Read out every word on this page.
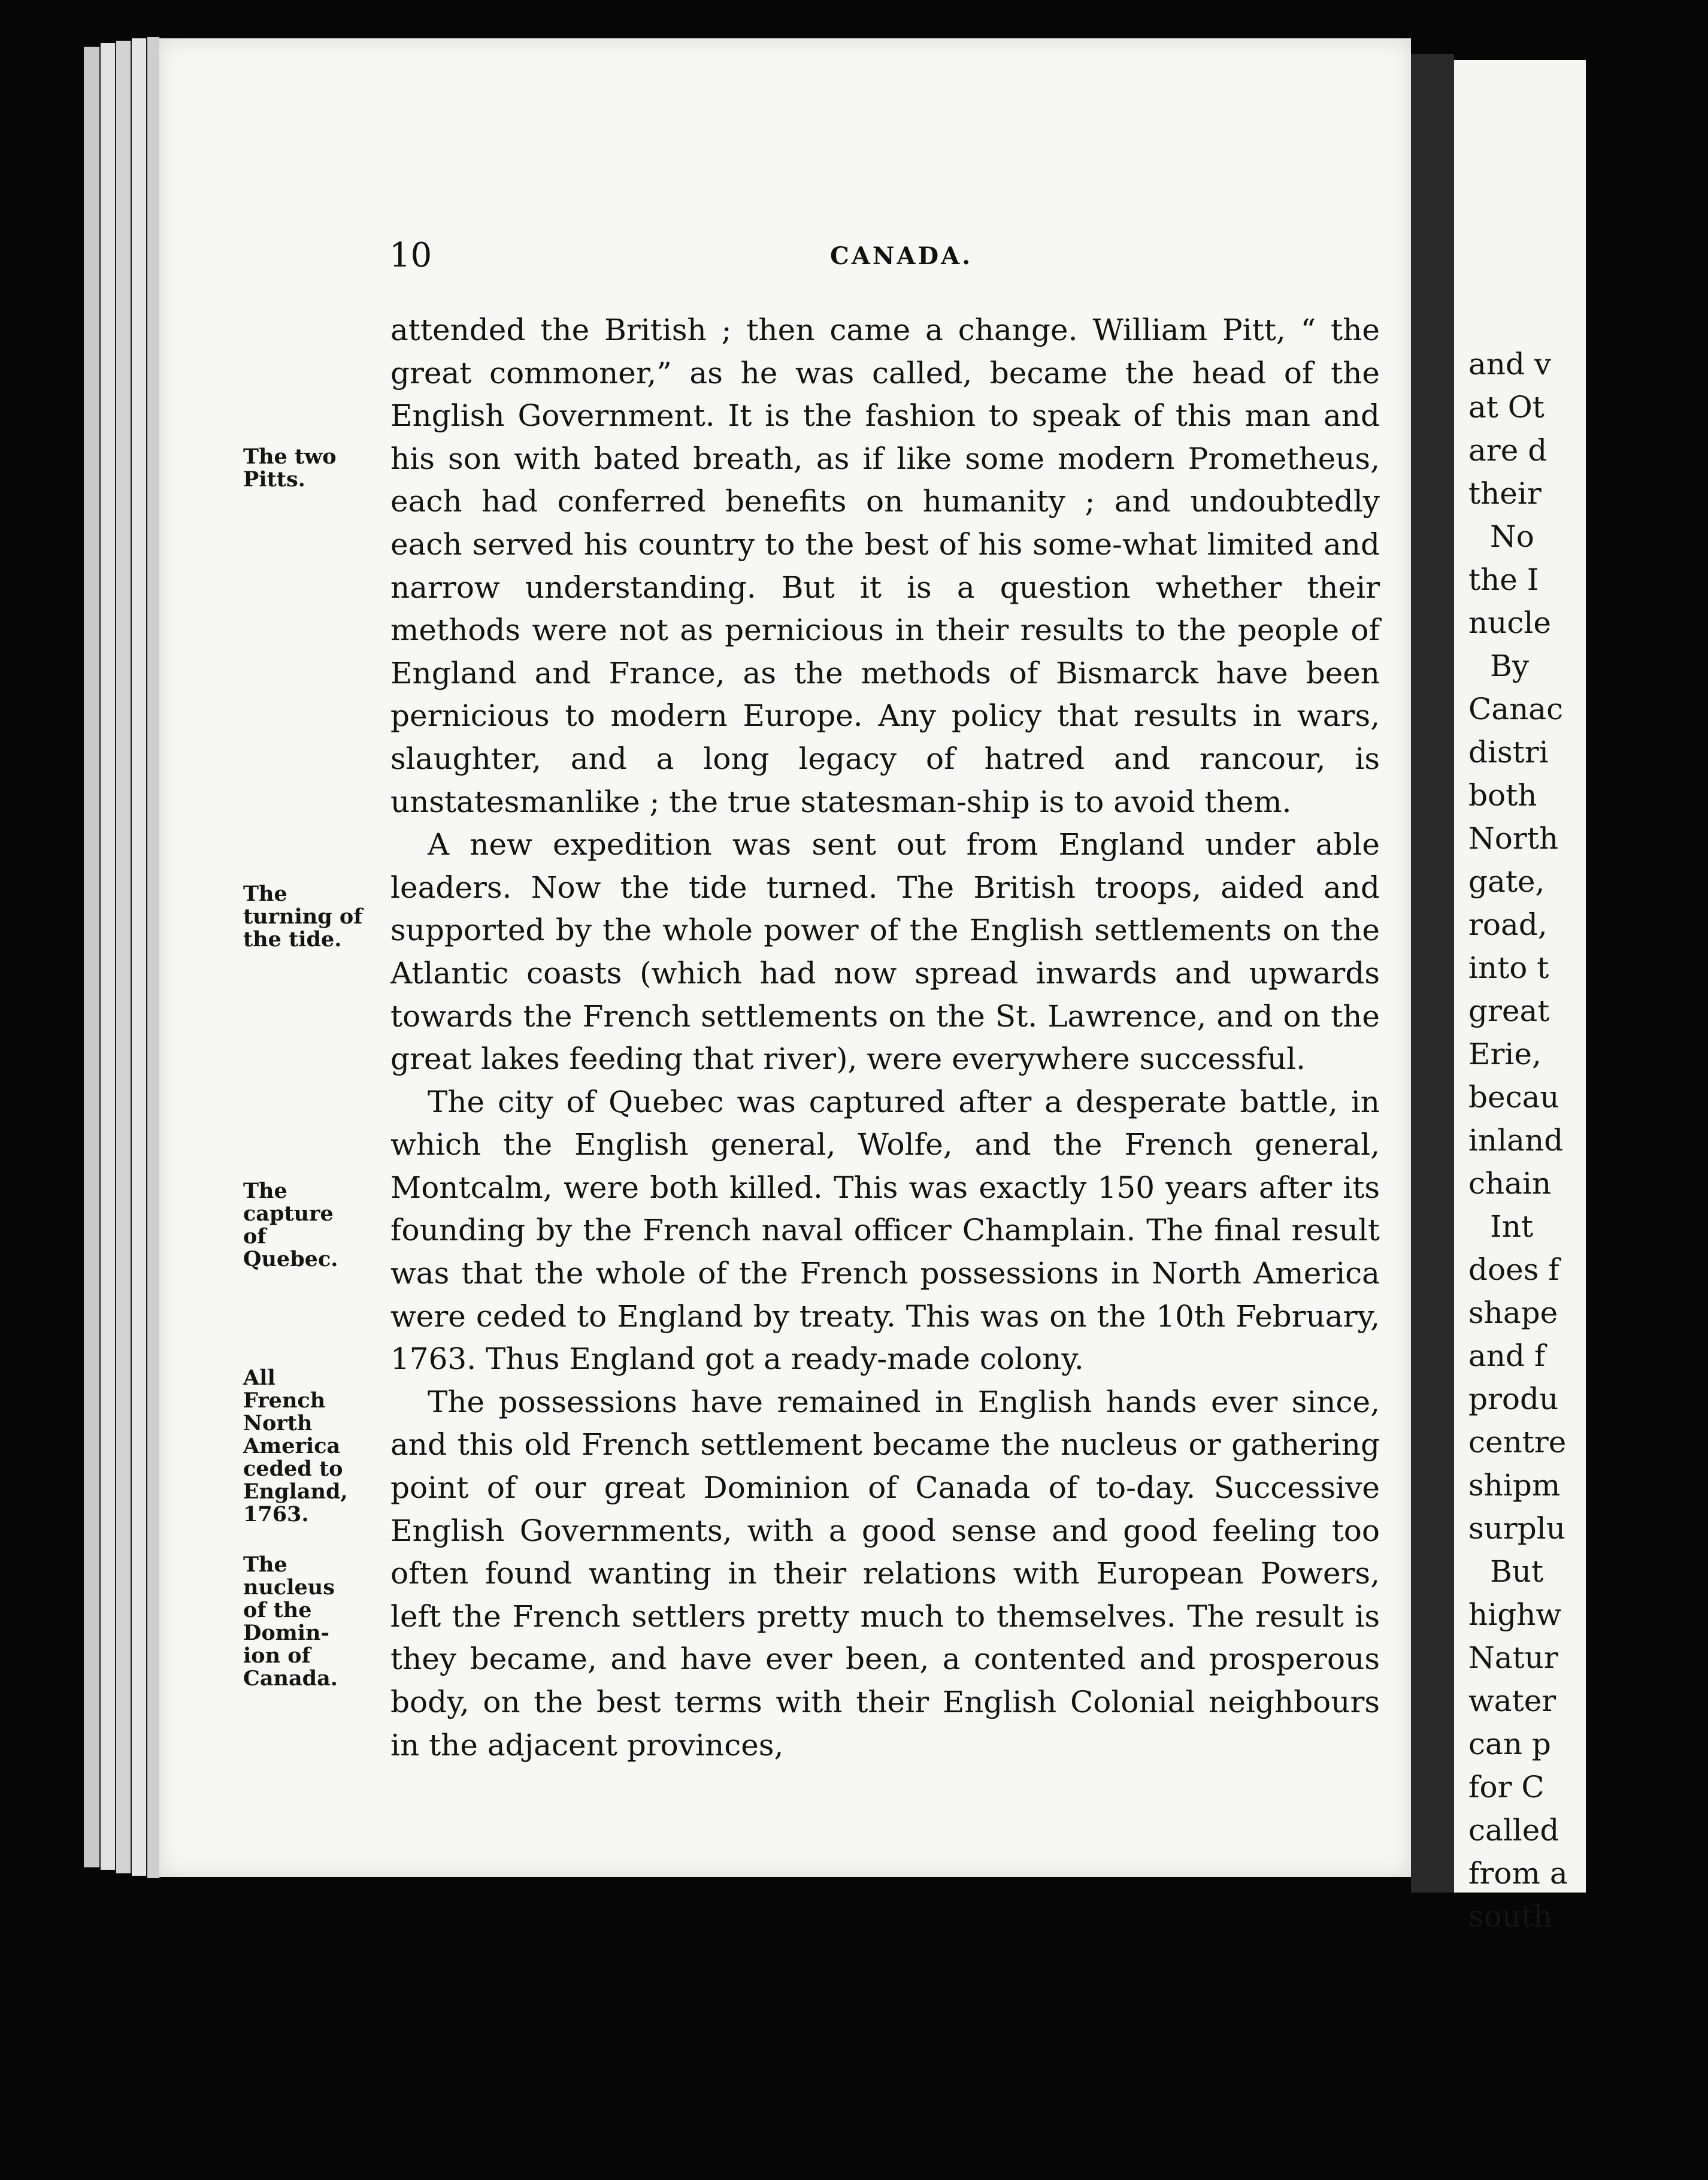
10	CANADA.
The two Pitts.
The turning of the tide.
The capture of Quebec.
All French North America ceded to England, 1763.
The nucleus of the Domin-ion of Canada.

attended the British ; then came a change. William Pitt, “ the great commoner,” as he was called, became the head of the English Government. It is the fashion to speak of this man and his son with bated breath, as if like some modern Prometheus, each had conferred benefits on humanity ; and undoubtedly each served his country to the best of his some-what limited and narrow understanding. But it is a question whether their methods were not as pernicious in their results to the people of England and France, as the methods of Bismarck have been pernicious to modern Europe. Any policy that results in wars, slaughter, and a long legacy of hatred and rancour, is unstatesmanlike ; the true statesman-ship is to avoid them.

A new expedition was sent out from England under able leaders. Now the tide turned. The British troops, aided and supported by the whole power of the English settlements on the Atlantic coasts (which had now spread inwards and upwards towards the French settlements on the St. Lawrence, and on the great lakes feeding that river), were everywhere successful.

The city of Quebec was captured after a desperate battle, in which the English general, Wolfe, and the French general, Montcalm, were both killed. This was exactly 150 years after its founding by the French naval officer Champlain. The final result was that the whole of the French possessions in North America were ceded to England by treaty. This was on the 10th February, 1763. Thus England got a ready-made colony.

The possessions have remained in English hands ever since, and this old French settlement became the nucleus or gathering point of our great Dominion of Canada of to-day. Successive English Governments, with a good sense and good feeling too often found wanting in their relations with European Powers, left the French settlers pretty much to themselves. The result is they became, and have ever been, a contented and prosperous body, on the best terms with their English Colonial neighbours in the adjacent provinces,

and v
at Ot
are d
their
No
the I
nucle
By
Canac
distri
both
North
gate,
road,
into t
great
Erie,
becau
inland
chain
Int
does f
shape
and f
produ
centre
shipm
surplu
But
highw
Natur
water
can p
for C
called
from a
south
